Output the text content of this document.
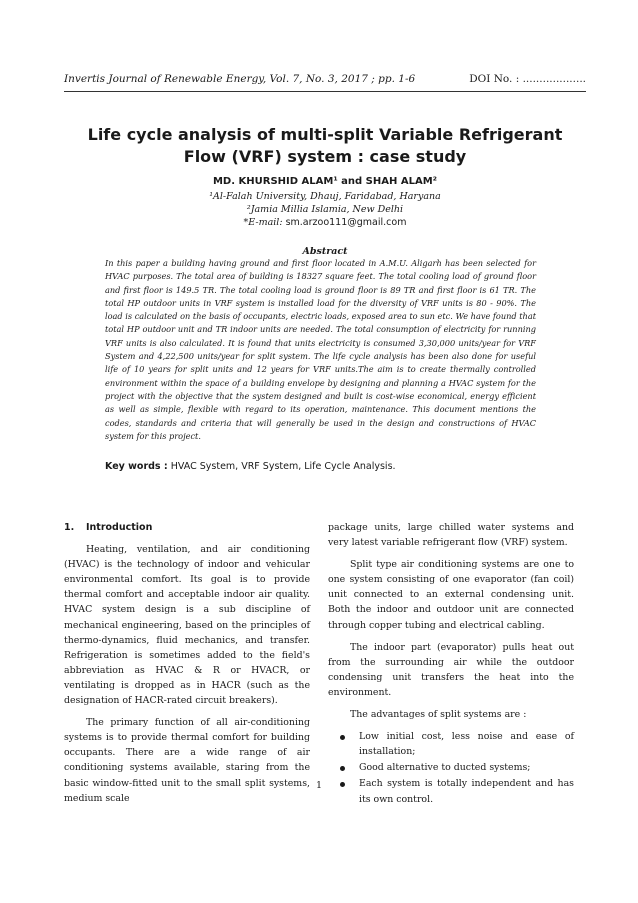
Invertis Journal of Renewable Energy, Vol. 7, No. 3, 2017 ; pp. 1-6	DOI No. : ...................
Life cycle analysis of multi-split Variable Refrigerant
Flow (VRF) system : case study
MD. KHURSHID ALAM¹ and SHAH ALAM²
¹Al-Falah University, Dhauj, Faridabad, Haryana
²Jamia Millia Islamia, New Delhi
*E-mail: sm.arzoo111@gmail.com
Abstract
In this paper a building having ground and first floor located in A.M.U. Aligarh has been selected for HVAC purposes. The total area of building is 18327 square feet. The total cooling load of ground floor and first floor is 149.5 TR. The total cooling load is ground floor is 89 TR and first floor is 61 TR. The total HP outdoor units in VRF system is installed load for the diversity of VRF units is 80 - 90%. The load is calculated on the basis of occupants, electric loads, exposed area to sun etc. We have found that total HP outdoor unit and TR indoor units are needed. The total consumption of electricity for running VRF units is also calculated. It is found that units electricity is consumed 3,30,000 units/year for VRF System and 4,22,500 units/year for split system. The life cycle analysis has been also done for useful life of 10 years for split units and 12 years for VRF units.The aim is to create thermally controlled environment within the space of a building envelope by designing and planning a HVAC system for the project with the objective that the system designed and built is cost-wise economical, energy efficient as well as simple, flexible with regard to its operation, maintenance. This document mentions the codes, standards and criteria that will generally be used in the design and constructions of HVAC system for this project.
Key words : HVAC System, VRF System, Life Cycle Analysis.
1. Introduction

Heating, ventilation, and air conditioning (HVAC) is the technology of indoor and vehicular environmental comfort. Its goal is to provide thermal comfort and acceptable indoor air quality. HVAC system design is a sub discipline of mechanical engineering, based on the principles of thermo-dynamics, fluid mechanics, and transfer. Refrigeration is sometimes added to the field's abbreviation as HVAC & R or HVACR, or ventilating is dropped as in HACR (such as the designation of HACR-rated circuit breakers).

The primary function of all air-conditioning systems is to provide thermal comfort for building occupants. There are a wide range of air conditioning systems available, staring from the basic window-fitted unit to the small split systems, medium scale

package units, large chilled water systems and very latest variable refrigerant flow (VRF) system.

Split type air conditioning systems are one to one system consisting of one evaporator (fan coil) unit connected to an external condensing unit. Both the indoor and outdoor unit are connected through copper tubing and electrical cabling.

The indoor part (evaporator) pulls heat out from the surrounding air while the outdoor condensing unit transfers the heat into the environment.

The advantages of split systems are :

Low initial cost, less noise and ease of installation;
Good alternative to ducted systems;
Each system is totally independent and has its own control.
1
